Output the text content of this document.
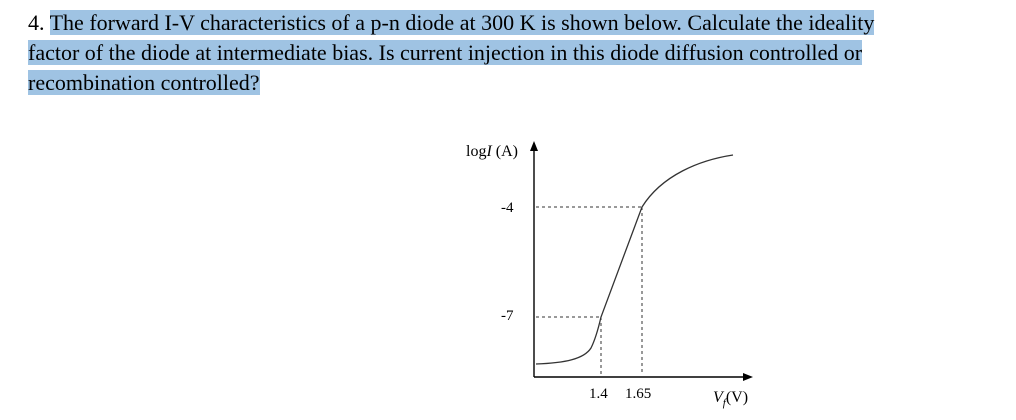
4. The forward I-V characteristics of a p-n diode at 300 K is shown below. Calculate the ideality
factor of the diode at intermediate bias. Is current injection in this diode diffusion controlled or
recombination controlled?
logI (A)
$V_f(V)$
-4
-7
1.4 1.65
